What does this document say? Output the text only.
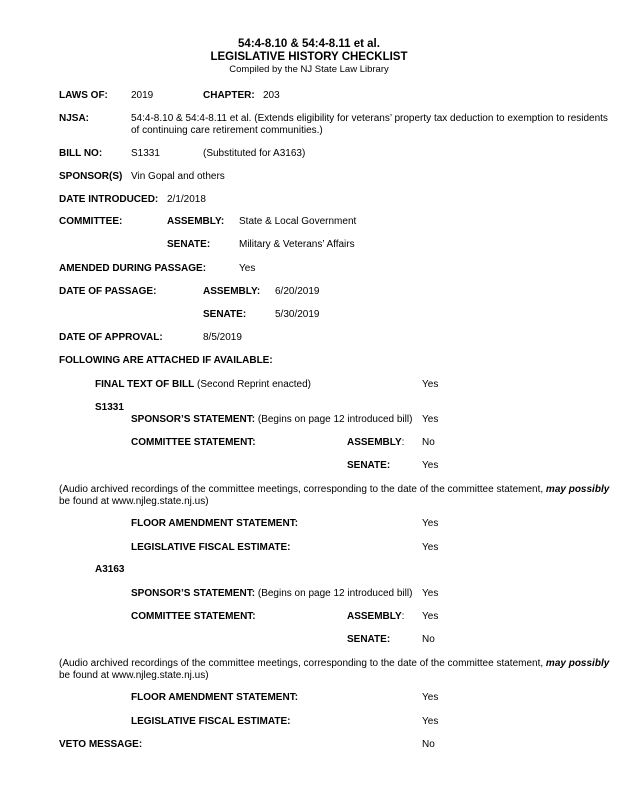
54:4-8.10 & 54:4-8.11 et al.
LEGISLATIVE HISTORY CHECKLIST
Compiled by the NJ State Law Library
LAWS OF: 2019	CHAPTER: 203
NJSA:	54:4-8.10 & 54:4-8.11 et al. (Extends eligibility for veterans’ property tax deduction to exemption to residents
of continuing care retirement communities.)
BILL NO:	S1331	(Substituted for A3163)
SPONSOR(S) Vin Gopal and others
DATE INTRODUCED: 2/1/2018
COMMITTEE:	ASSEMBLY: State & Local Government
SENATE:	Military & Veterans’ Affairs
AMENDED DURING PASSAGE:	Yes
DATE OF PASSAGE:	ASSEMBLY: 6/20/2019
SENATE:	5/30/2019
DATE OF APPROVAL:	8/5/2019
FOLLOWING ARE ATTACHED IF AVAILABLE:
FINAL TEXT OF BILL (Second Reprint enacted)	Yes
S1331
SPONSOR’S STATEMENT: (Begins on page 12 introduced bill) Yes
COMMITTEE STATEMENT:	ASSEMBLY: No
SENATE:	Yes
(Audio archived recordings of the committee meetings, corresponding to the date of the committee statement, may possibly
be found at www.njleg.state.nj.us)
FLOOR AMENDMENT STATEMENT:	Yes
LEGISLATIVE FISCAL ESTIMATE:	Yes
A3163
SPONSOR’S STATEMENT: (Begins on page 12 introduced bill) Yes
COMMITTEE STATEMENT:	ASSEMBLY: Yes
SENATE:	No
(Audio archived recordings of the committee meetings, corresponding to the date of the committee statement, may possibly
be found at www.njleg.state.nj.us)
FLOOR AMENDMENT STATEMENT:	Yes
LEGISLATIVE FISCAL ESTIMATE:	Yes
VETO MESSAGE:	No
